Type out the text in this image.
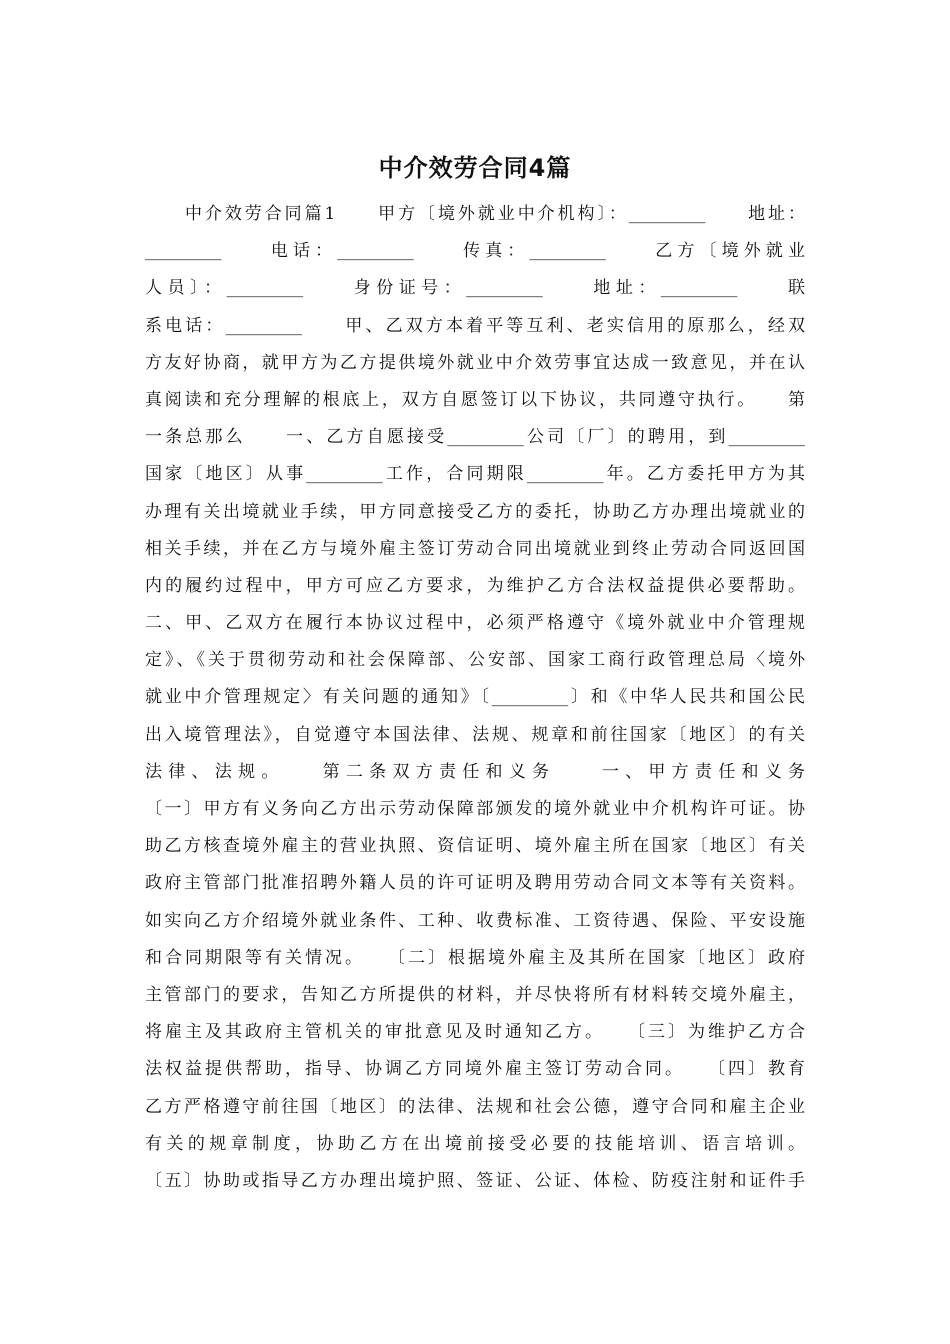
中介效劳合同4篇
中介效劳合同篇1　　甲方〔境外就业中介机构〕：_________　　地址：
_________　　电话：_________　　传真：_________　　乙方〔境外就业
人员〕：_________　　身份证号：_________　　地址：_________　　联
系电话：_________　　甲、乙双方本着平等互利、老实信用的原那么，经双
方友好协商，就甲方为乙方提供境外就业中介效劳事宜达成一致意见，并在认
真阅读和充分理解的根底上，双方自愿签订以下协议，共同遵守执行。　　第
一条总那么　　一、乙方自愿接受_________公司〔厂〕的聘用，到_________
国家〔地区〕从事_________工作，合同期限_________年。乙方委托甲方为其
办理有关出境就业手续，甲方同意接受乙方的委托，协助乙方办理出境就业的
相关手续，并在乙方与境外雇主签订劳动合同出境就业到终止劳动合同返回国
内的履约过程中，甲方可应乙方要求，为维护乙方合法权益提供必要帮助。
二、甲、乙双方在履行本协议过程中，必须严格遵守《境外就业中介管理规
定》、《关于贯彻劳动和社会保障部、公安部、国家工商行政管理总局〈境外
就业中介管理规定〉有关问题的通知》〔_________〕和《中华人民共和国公民
出入境管理法》，自觉遵守本国法律、法规、规章和前往国家〔地区〕的有关
法律、法规。　　第二条双方责任和义务　　一、甲方责任和义务
〔一〕甲方有义务向乙方出示劳动保障部颁发的境外就业中介机构许可证。协
助乙方核查境外雇主的营业执照、资信证明、境外雇主所在国家〔地区〕有关
政府主管部门批准招聘外籍人员的许可证明及聘用劳动合同文本等有关资料。
如实向乙方介绍境外就业条件、工种、收费标准、工资待遇、保险、平安设施
和合同期限等有关情况。　　〔二〕根据境外雇主及其所在国家〔地区〕政府
主管部门的要求，告知乙方所提供的材料，并尽快将所有材料转交境外雇主，
将雇主及其政府主管机关的审批意见及时通知乙方。　　〔三〕为维护乙方合
法权益提供帮助，指导、协调乙方同境外雇主签订劳动合同。　　〔四〕教育
乙方严格遵守前往国〔地区〕的法律、法规和社会公德，遵守合同和雇主企业
有关的规章制度，协助乙方在出境前接受必要的技能培训、语言培训。
〔五〕协助或指导乙方办理出境护照、签证、公证、体检、防疫注射和证件手
